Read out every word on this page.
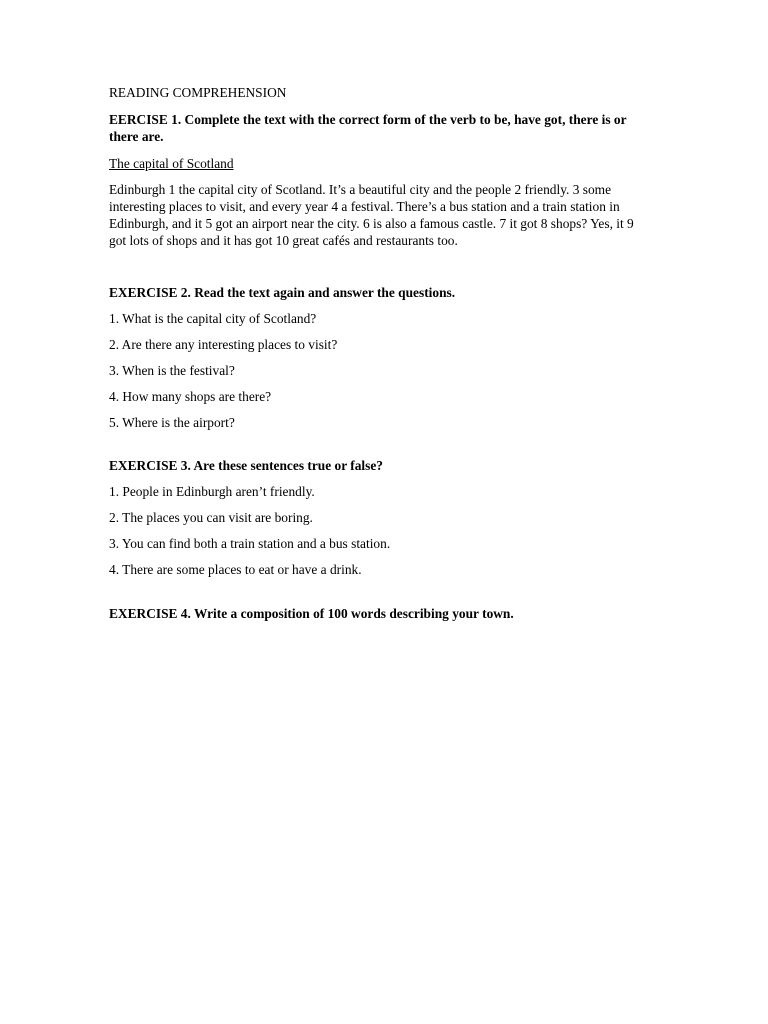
READING COMPREHENSION

EERCISE 1. Complete the text with the correct form of the verb to be, have got, there is or there are.

The capital of Scotland

Edinburgh 1 the capital city of Scotland. It’s a beautiful city and the people 2 friendly. 3 some interesting places to visit, and every year 4 a festival. There’s a bus station and a train station in Edinburgh, and it 5 got an airport near the city. 6 is also a famous castle. 7 it got 8 shops? Yes, it 9 got lots of shops and it has got 10 great cafés and restaurants too.

EXERCISE 2. Read the text again and answer the questions.

1. What is the capital city of Scotland?
2. Are there any interesting places to visit?
3. When is the festival?
4. How many shops are there?
5. Where is the airport?

EXERCISE 3. Are these sentences true or false?

1. People in Edinburgh aren’t friendly.
2. The places you can visit are boring.
3. You can find both a train station and a bus station.
4. There are some places to eat or have a drink.

EXERCISE 4. Write a composition of 100 words describing your town.
